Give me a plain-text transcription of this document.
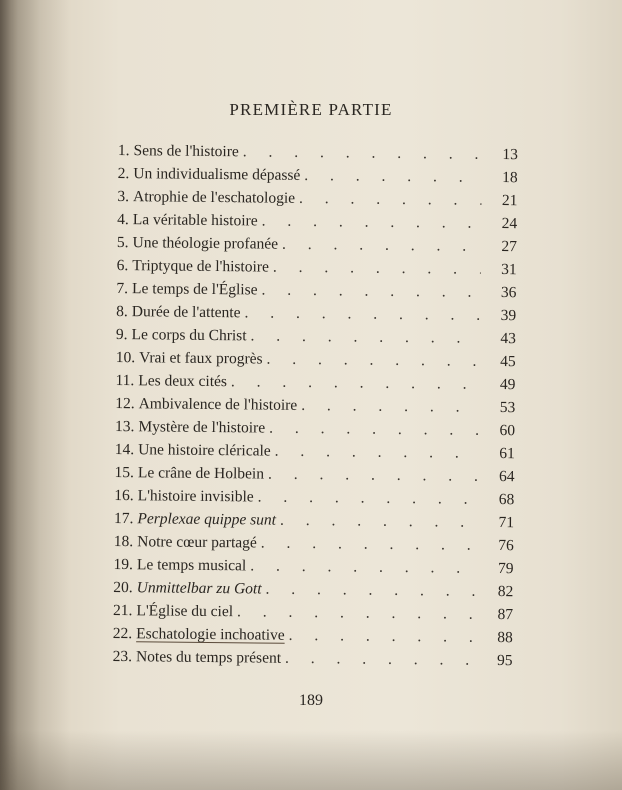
PREMIÈRE PARTIE
1. Sens de l'histoire . . .	13
2. Un individualisme dépassé . . .	18
3. Atrophie de l'eschatologie . . .	21
4. La véritable histoire . . .	24
5. Une théologie profanée . . .	27
6. Triptyque de l'histoire . . .	31
7. Le temps de l'Église . . .	36
8. Durée de l'attente . . .	39
9. Le corps du Christ . . .	43
10. Vrai et faux progrès . . .	45
11. Les deux cités . . .	49
12. Ambivalence de l'histoire . . .	53
13. Mystère de l'histoire . . .	60
14. Une histoire cléricale . . .	61
15. Le crâne de Holbein . . .	64
16. L'histoire invisible . . .	68
17. Perplexae quippe sunt . . .	71
18. Notre cœur partagé . . .	76
19. Le temps musical . . .	79
20. Unmittelbar zu Gott . . .	82
21. L'Église du ciel . . .	87
22. Eschatologie inchoative . . .	88
23. Notes du temps présent . . .	95
189
